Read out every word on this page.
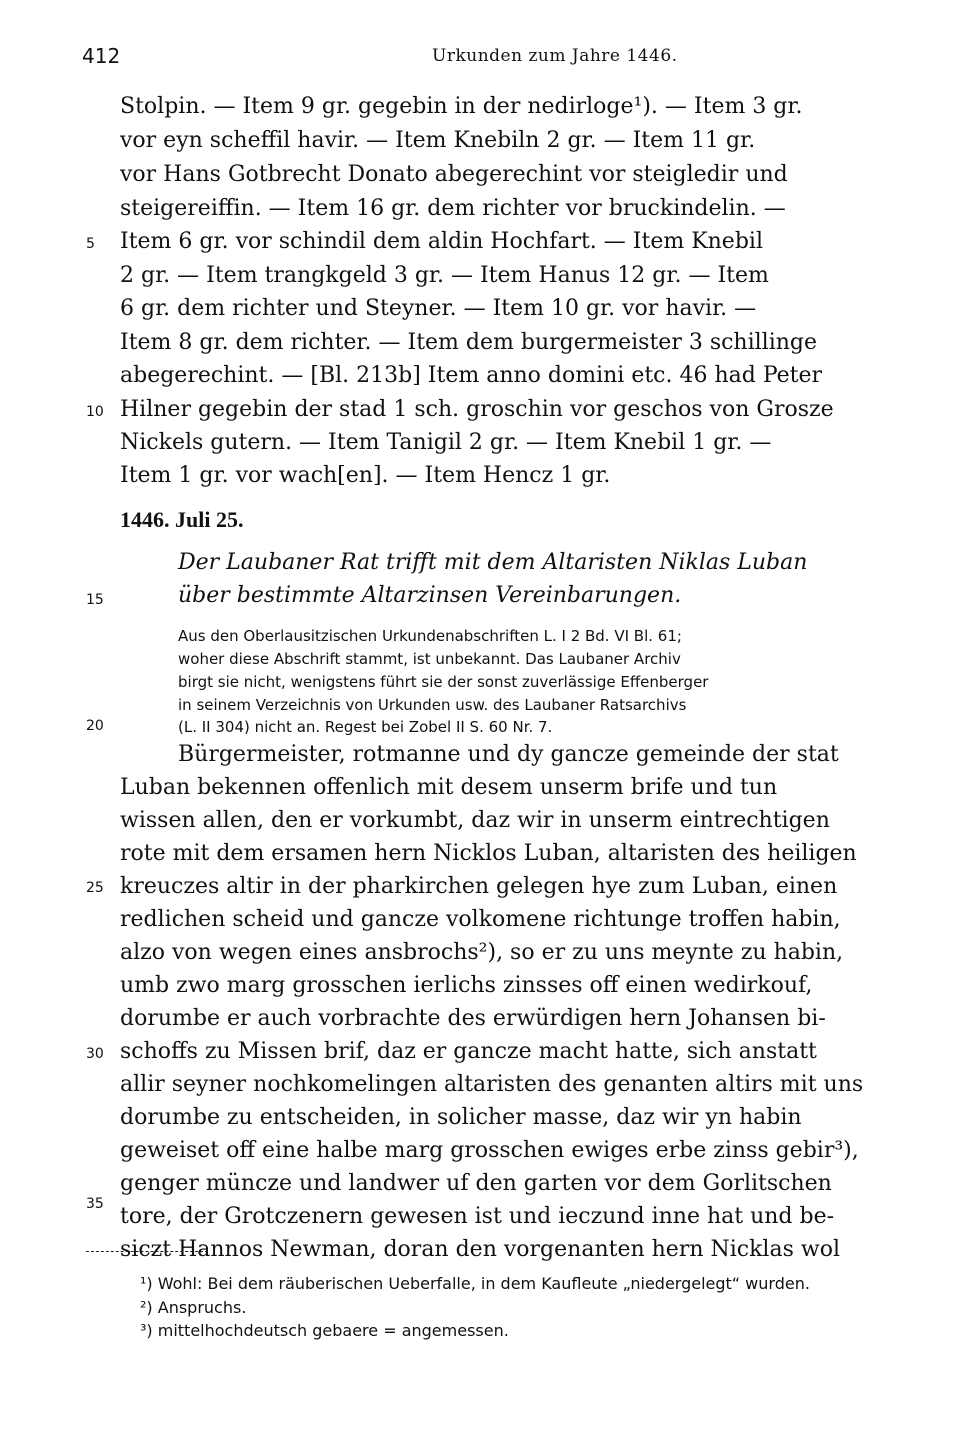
412	Urkunden zum Jahre 1446.
Stolpin. — Item 9 gr. gegebin in der nedirloge¹). — Item 3 gr.
vor eyn scheffil havir. — Item Knebiln 2 gr. — Item 11 gr.
vor Hans Gotbrecht Donato abegerechint vor steigledir und
steigereiffin. — Item 16 gr. dem richter vor bruckindelin. —
Item 6 gr. vor schindil dem aldin Hochfart. — Item Knebil
2 gr. — Item trangkgeld 3 gr. — Item Hanus 12 gr. — Item
6 gr. dem richter und Steyner. — Item 10 gr. vor havir. —
Item 8 gr. dem richter. — Item dem burgermeister 3 schillinge
abegerechint. — [Bl. 213b] Item anno domini etc. 46 had Peter
Hilner gegebin der stad 1 sch. groschin vor geschos von Grosze
Nickels gutern. — Item Tanigil 2 gr. — Item Knebil 1 gr. —
Item 1 gr. vor wach[en]. — Item Hencz 1 gr.
1446. Juli 25.
Der Laubaner Rat trifft mit dem Altaristen Niklas Luban
über bestimmte Altarzinsen Vereinbarungen.
Aus den Oberlausitzischen Urkundenabschriften L. I 2 Bd. VI Bl. 61;
woher diese Abschrift stammt, ist unbekannt. Das Laubaner Archiv
birgt sie nicht, wenigstens führt sie der sonst zuverlässige Effenberger
in seinem Verzeichnis von Urkunden usw. des Laubaner Ratsarchivs
(L. II 304) nicht an. Regest bei Zobel II S. 60 Nr. 7.
Bürgermeister, rotmanne und dy gancze gemeinde der stat
Luban bekennen offenlich mit desem unserm brife und tun
wissen allen, den er vorkumbt, daz wir in unserm eintrechtigen
rote mit dem ersamen hern Nicklos Luban, altaristen des heiligen
kreuczes altir in der pharkirchen gelegen hye zum Luban, einen
redlichen scheid und gancze volkomene richtunge troffen habin,
alzo von wegen eines ansbrochs²), so er zu uns meynte zu habin,
umb zwo marg grosschen ierlichs zinsses off einen wedirkouf,
dorumbe er auch vorbrachte des erwürdigen hern Johansen bi-
schoffs zu Missen brif, daz er gancze macht hatte, sich anstatt
allir seyner nochkomelingen altaristen des genanten altirs mit uns
dorumbe zu entscheiden, in solicher masse, daz wir yn habin
geweiset off eine halbe marg grosschen ewiges erbe zinss gebir³),
genger müncze und landwer uf den garten vor dem Gorlitschen
tore, der Grotczenern gewesen ist und ieczund inne hat und be-
siczt Hannos Newman, doran den vorgenanten hern Nicklas wol
5
10
15
20
25
30
35
¹) Wohl: Bei dem räuberischen Ueberfalle, in dem Kaufleute „niedergelegt“ wurden.
²) Anspruchs.
³) mittelhochdeutsch gebaere = angemessen.
